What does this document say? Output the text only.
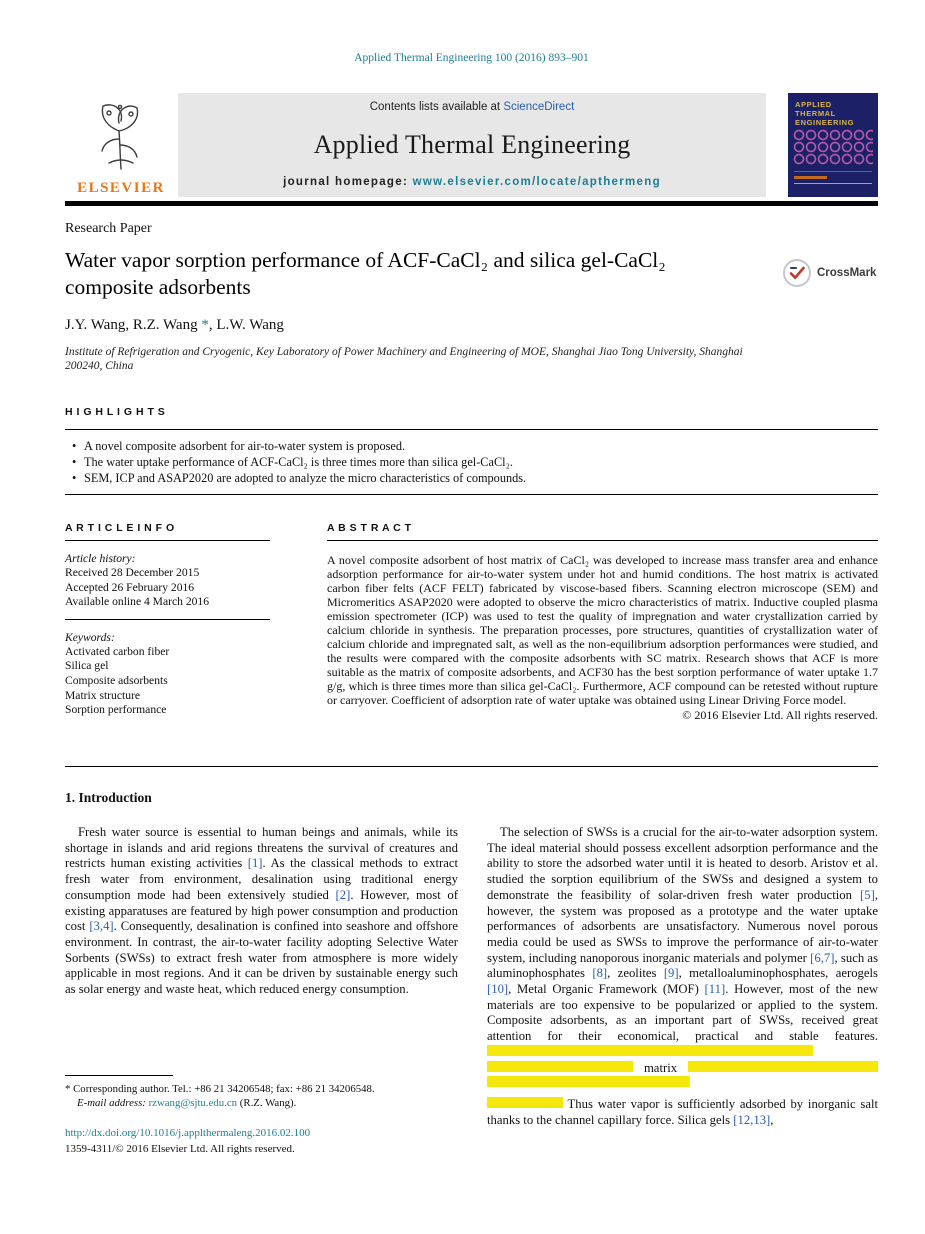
Applied Thermal Engineering 100 (2016) 893–901
ELSEVIER
Contents lists available at ScienceDirect
Applied Thermal Engineering
journal homepage: www.elsevier.com/locate/apthermeng
APPLIED
THERMAL
ENGINEERING
Research Paper
Water vapor sorption performance of ACF-CaCl₂ and silica gel-CaCl₂
composite adsorbents
CrossMark
J.Y. Wang, R.Z. Wang *, L.W. Wang
Institute of Refrigeration and Cryogenic, Key Laboratory of Power Machinery and Engineering of MOE, Shanghai Jiao Tong University, Shanghai 200240, China
H I G H L I G H T S
• A novel composite adsorbent for air-to-water system is proposed.
• The water uptake performance of ACF-CaCl₂ is three times more than silica gel-CaCl₂.
• SEM, ICP and ASAP2020 are adopted to analyze the micro characteristics of compounds.
A R T I C L E I N F O
Article history:
Received 28 December 2015
Accepted 26 February 2016
Available online 4 March 2016
Keywords:
Activated carbon fiber
Silica gel
Composite adsorbents
Matrix structure
Sorption performance
A B S T R A C T
A novel composite adsorbent of host matrix of CaCl₂ was developed to increase mass transfer area and enhance adsorption performance for air-to-water system under hot and humid conditions. The host matrix is activated carbon fiber felts (ACF FELT) fabricated by viscose-based fibers. Scanning electron microscope (SEM) and Micromeritics ASAP2020 were adopted to observe the micro characteristics of matrix. Inductive coupled plasma emission spectrometer (ICP) was used to test the quality of impregnation and water crystallization carried by calcium chloride in synthesis. The preparation processes, pore structures, quantities of crystallization water of calcium chloride and impregnated salt, as well as the non-equilibrium adsorption performances were studied, and the results were compared with the composite adsorbents with SC matrix. Research shows that ACF is more suitable as the matrix of composite adsorbents, and ACF30 has the best sorption performance of water uptake 1.7 g/g, which is three times more than silica gel-CaCl₂. Furthermore, ACF compound can be retested without rupture or carryover. Coefficient of adsorption rate of water uptake was obtained using Linear Driving Force model.
© 2016 Elsevier Ltd. All rights reserved.
1. Introduction
Fresh water source is essential to human beings and animals, while its shortage in islands and arid regions threatens the survival of creatures and restricts human existing activities [1]. As the classical methods to extract fresh water from environment, desalination using traditional energy consumption mode had been extensively studied [2]. However, most of existing apparatuses are featured by high power consumption and production cost [3,4]. Consequently, desalination is confined into seashore and offshore environment. In contrast, the air-to-water facility adopting Selective Water Sorbents (SWSs) to extract fresh water from atmosphere is more widely applicable in most regions. And it can be driven by sustainable energy such as solar energy and waste heat, which reduced energy consumption.
The selection of SWSs is a crucial for the air-to-water adsorption system. The ideal material should possess excellent adsorption performance and the ability to store the adsorbed water until it is heated to desorb. Aristov et al. studied the sorption equilibrium of the SWSs and designed a system to demonstrate the feasibility of solar-driven fresh water production [5], however, the system was proposed as a prototype and the water uptake performances of adsorbents are unsatisfactory. Numerous novel porous media could be used as SWSs to improve the performance of air-to-water system, including nanoporous inorganic materials and polymer [6,7], such as aluminophosphates [8], zeolites [9], metalloaluminophosphates, aerogels [10], Metal Organic Framework (MOF) [11]. However, most of the new materials are too expensive to be popularized or applied to the system. Composite adsorbents, as an important part of SWSs, received great attention for their economical, practical and stable features.  matrix
Thus water vapor is sufficiently adsorbed by inorganic salt thanks to the channel capillary force. Silica gels [12,13],
* Corresponding author. Tel.: +86 21 34206548; fax: +86 21 34206548.
E-mail address: rzwang@sjtu.edu.cn (R.Z. Wang).
http://dx.doi.org/10.1016/j.applthermaleng.2016.02.100
1359-4311/© 2016 Elsevier Ltd. All rights reserved.
